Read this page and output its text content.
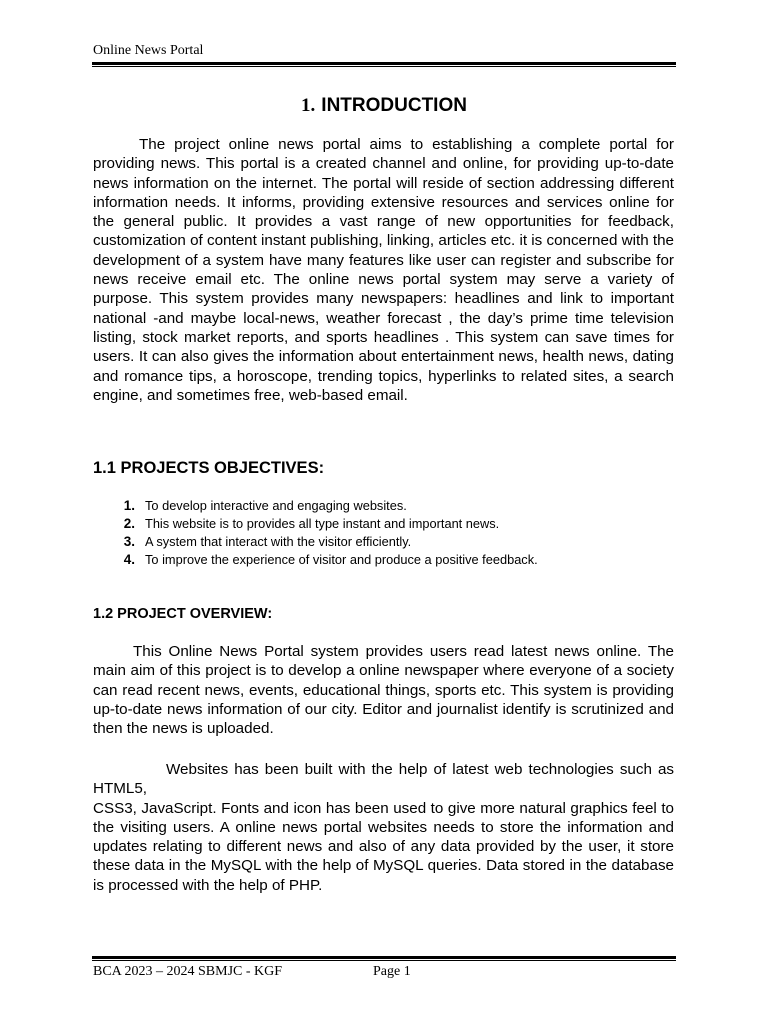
Online News Portal
1. INTRODUCTION

The project online news portal aims to establishing a complete portal for providing news. This portal is a created channel and online, for providing up-to-date news information on the internet. The portal will reside of section addressing different information needs. It informs, providing extensive resources and services online for the general public. It provides a vast range of new opportunities for feedback, customization of content instant publishing, linking, articles etc. it is concerned with the development of a system have many features like user can register and subscribe for news receive email etc. The online news portal system may serve a variety of purpose. This system provides many newspapers: headlines and link to important national -and maybe local-news, weather forecast , the day’s prime time television listing, stock market reports, and sports headlines . This system can save times for users. It can also gives the information about entertainment news, health news, dating and romance tips, a horoscope, trending topics, hyperlinks to related sites, a search engine, and sometimes free, web-based email.

1.1 PROJECTS OBJECTIVES:
1. To develop interactive and engaging websites.
2. This website is to provides all type instant and important news.
3. A system that interact with the visitor efficiently.
4. To improve the experience of visitor and produce a positive feedback.
1.2 PROJECT OVERVIEW:

This Online News Portal system provides users read latest news online. The main aim of this project is to develop a online newspaper where everyone of a society can read recent news, events, educational things, sports etc. This system is providing up-to-date news information of our city. Editor and journalist identify is scrutinized and then the news is uploaded.

Websites has been built with the help of latest web technologies such as HTML5,
CSS3, JavaScript. Fonts and icon has been used to give more natural graphics feel to the visiting users. A online news portal websites needs to store the information and updates relating to different news and also of any data provided by the user, it store these data in the MySQL with the help of MySQL queries. Data stored in the database is processed with the help of PHP.
BCA 2023 – 2024 SBMJC - KGF	Page 1
